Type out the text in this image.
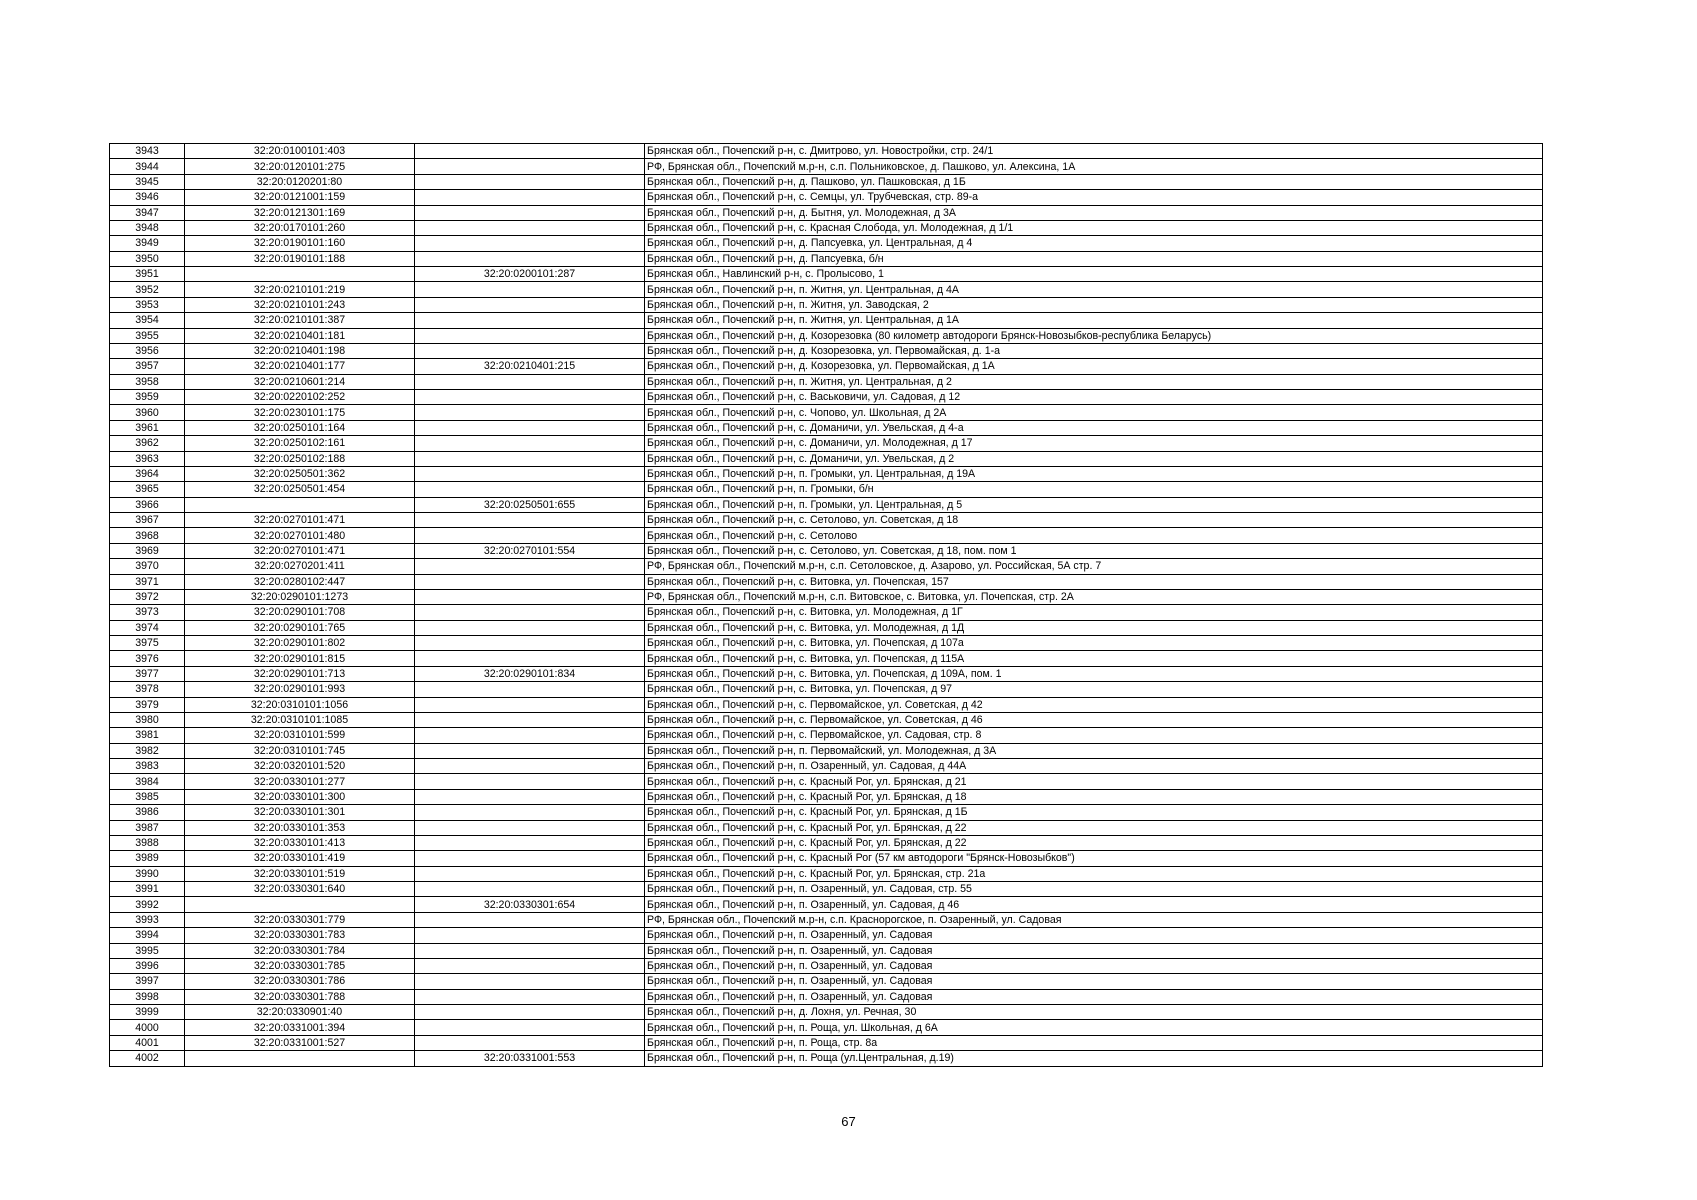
3943	32:20:0100101:403		Брянская обл., Почепский р-н, с. Дмитрово, ул. Новостройки, стр. 24/1
3944	32:20:0120101:275		РФ, Брянская обл., Почепский м.р-н, с.п. Польниковское, д. Пашково, ул. Алексина, 1А
3945	32:20:0120201:80		Брянская обл., Почепский р-н, д. Пашково, ул. Пашковская, д 1Б
3946	32:20:0121001:159		Брянская обл., Почепский р-н, с. Семцы, ул. Трубчевская, стр. 89-а
3947	32:20:0121301:169		Брянская обл., Почепский р-н, д. Бытня, ул. Молодежная, д 3А
3948	32:20:0170101:260		Брянская обл., Почепский р-н, с. Красная Слобода, ул. Молодежная, д 1/1
3949	32:20:0190101:160		Брянская обл., Почепский р-н, д. Папсуевка, ул. Центральная, д 4
3950	32:20:0190101:188		Брянская обл., Почепский р-н, д. Папсуевка, б/н
3951		32:20:0200101:287	Брянская обл., Навлинский р-н, с. Пролысово, 1
3952	32:20:0210101:219		Брянская обл., Почепский р-н, п. Житня, ул. Центральная, д 4А
3953	32:20:0210101:243		Брянская обл., Почепский р-н, п. Житня, ул. Заводская, 2
3954	32:20:0210101:387		Брянская обл., Почепский р-н, п. Житня, ул. Центральная, д 1А
3955	32:20:0210401:181		Брянская обл., Почепский р-н, д. Козорезовка (80 километр автодороги Брянск-Новозыбков-республика Беларусь)
3956	32:20:0210401:198		Брянская обл., Почепский р-н, д. Козорезовка, ул. Первомайская, д. 1-а
3957	32:20:0210401:177	32:20:0210401:215	Брянская обл., Почепский р-н, д. Козорезовка, ул. Первомайская, д 1А
3958	32:20:0210601:214		Брянская обл., Почепский р-н, п. Житня, ул. Центральная, д 2
3959	32:20:0220102:252		Брянская обл., Почепский р-н, с. Васьковичи, ул. Садовая, д 12
3960	32:20:0230101:175		Брянская обл., Почепский р-н, с. Чопово, ул. Школьная, д 2А
3961	32:20:0250101:164		Брянская обл., Почепский р-н, с. Доманичи, ул. Увельская, д 4-а
3962	32:20:0250102:161		Брянская обл., Почепский р-н, с. Доманичи, ул. Молодежная, д 17
3963	32:20:0250102:188		Брянская обл., Почепский р-н, с. Доманичи, ул. Увельская, д 2
3964	32:20:0250501:362		Брянская обл., Почепский р-н, п. Громыки, ул. Центральная, д 19А
3965	32:20:0250501:454		Брянская обл., Почепский р-н, п. Громыки, б/н
3966		32:20:0250501:655	Брянская обл., Почепский р-н, п. Громыки, ул. Центральная, д 5
3967	32:20:0270101:471		Брянская обл., Почепский р-н, с. Сетолово, ул. Советская, д 18
3968	32:20:0270101:480		Брянская обл., Почепский р-н, с. Сетолово
3969	32:20:0270101:471	32:20:0270101:554	Брянская обл., Почепский р-н, с. Сетолово, ул. Советская, д 18, пом. пом 1
3970	32:20:0270201:411		РФ, Брянская обл., Почепский м.р-н, с.п. Сетоловское, д. Азарово, ул. Российская, 5А стр. 7
3971	32:20:0280102:447		Брянская обл., Почепский р-н, с. Витовка, ул. Почепская, 157
3972	32:20:0290101:1273		РФ, Брянская обл., Почепский м.р-н, с.п. Витовское, с. Витовка, ул. Почепская, стр. 2А
3973	32:20:0290101:708		Брянская обл., Почепский р-н, с. Витовка, ул. Молодежная, д 1Г
3974	32:20:0290101:765		Брянская обл., Почепский р-н, с. Витовка, ул. Молодежная, д 1Д
3975	32:20:0290101:802		Брянская обл., Почепский р-н, с. Витовка, ул. Почепская, д 107а
3976	32:20:0290101:815		Брянская обл., Почепский р-н, с. Витовка, ул. Почепская, д 115А
3977	32:20:0290101:713	32:20:0290101:834	Брянская обл., Почепский р-н, с. Витовка, ул. Почепская, д 109А, пом. 1
3978	32:20:0290101:993		Брянская обл., Почепский р-н, с. Витовка, ул. Почепская, д 97
3979	32:20:0310101:1056		Брянская обл., Почепский р-н, с. Первомайское, ул. Советская, д 42
3980	32:20:0310101:1085		Брянская обл., Почепский р-н, с. Первомайское, ул. Советская, д 46
3981	32:20:0310101:599		Брянская обл., Почепский р-н, с. Первомайское, ул. Садовая, стр. 8
3982	32:20:0310101:745		Брянская обл., Почепский р-н, п. Первомайский, ул. Молодежная, д 3А
3983	32:20:0320101:520		Брянская обл., Почепский р-н, п. Озаренный, ул. Садовая, д 44А
3984	32:20:0330101:277		Брянская обл., Почепский р-н, с. Красный Рог, ул. Брянская, д 21
3985	32:20:0330101:300		Брянская обл., Почепский р-н, с. Красный Рог, ул. Брянская, д 18
3986	32:20:0330101:301		Брянская обл., Почепский р-н, с. Красный Рог, ул. Брянская, д 1Б
3987	32:20:0330101:353		Брянская обл., Почепский р-н, с. Красный Рог, ул. Брянская, д 22
3988	32:20:0330101:413		Брянская обл., Почепский р-н, с. Красный Рог, ул. Брянская, д 22
3989	32:20:0330101:419		Брянская обл., Почепский р-н, с. Красный Рог (57 км автодороги "Брянск-Новозыбков")
3990	32:20:0330101:519		Брянская обл., Почепский р-н, с. Красный Рог, ул. Брянская, стр. 21а
3991	32:20:0330301:640		Брянская обл., Почепский р-н, п. Озаренный, ул. Садовая, стр. 55
3992		32:20:0330301:654	Брянская обл., Почепский р-н, п. Озаренный, ул. Садовая, д 46
3993	32:20:0330301:779		РФ, Брянская обл., Почепский м.р-н, с.п. Краснорогское, п. Озаренный, ул. Садовая
3994	32:20:0330301:783		Брянская обл., Почепский р-н, п. Озаренный, ул. Садовая
3995	32:20:0330301:784		Брянская обл., Почепский р-н, п. Озаренный, ул. Садовая
3996	32:20:0330301:785		Брянская обл., Почепский р-н, п. Озаренный, ул. Садовая
3997	32:20:0330301:786		Брянская обл., Почепский р-н, п. Озаренный, ул. Садовая
3998	32:20:0330301:788		Брянская обл., Почепский р-н, п. Озаренный, ул. Садовая
3999	32:20:0330901:40		Брянская обл., Почепский р-н, д. Лохня, ул. Речная, 30
4000	32:20:0331001:394		Брянская обл., Почепский р-н, п. Роща, ул. Школьная, д 6А
4001	32:20:0331001:527		Брянская обл., Почепский р-н, п. Роща, стр. 8а
4002		32:20:0331001:553	Брянская обл., Почепский р-н, п. Роща (ул.Центральная, д.19)
67
